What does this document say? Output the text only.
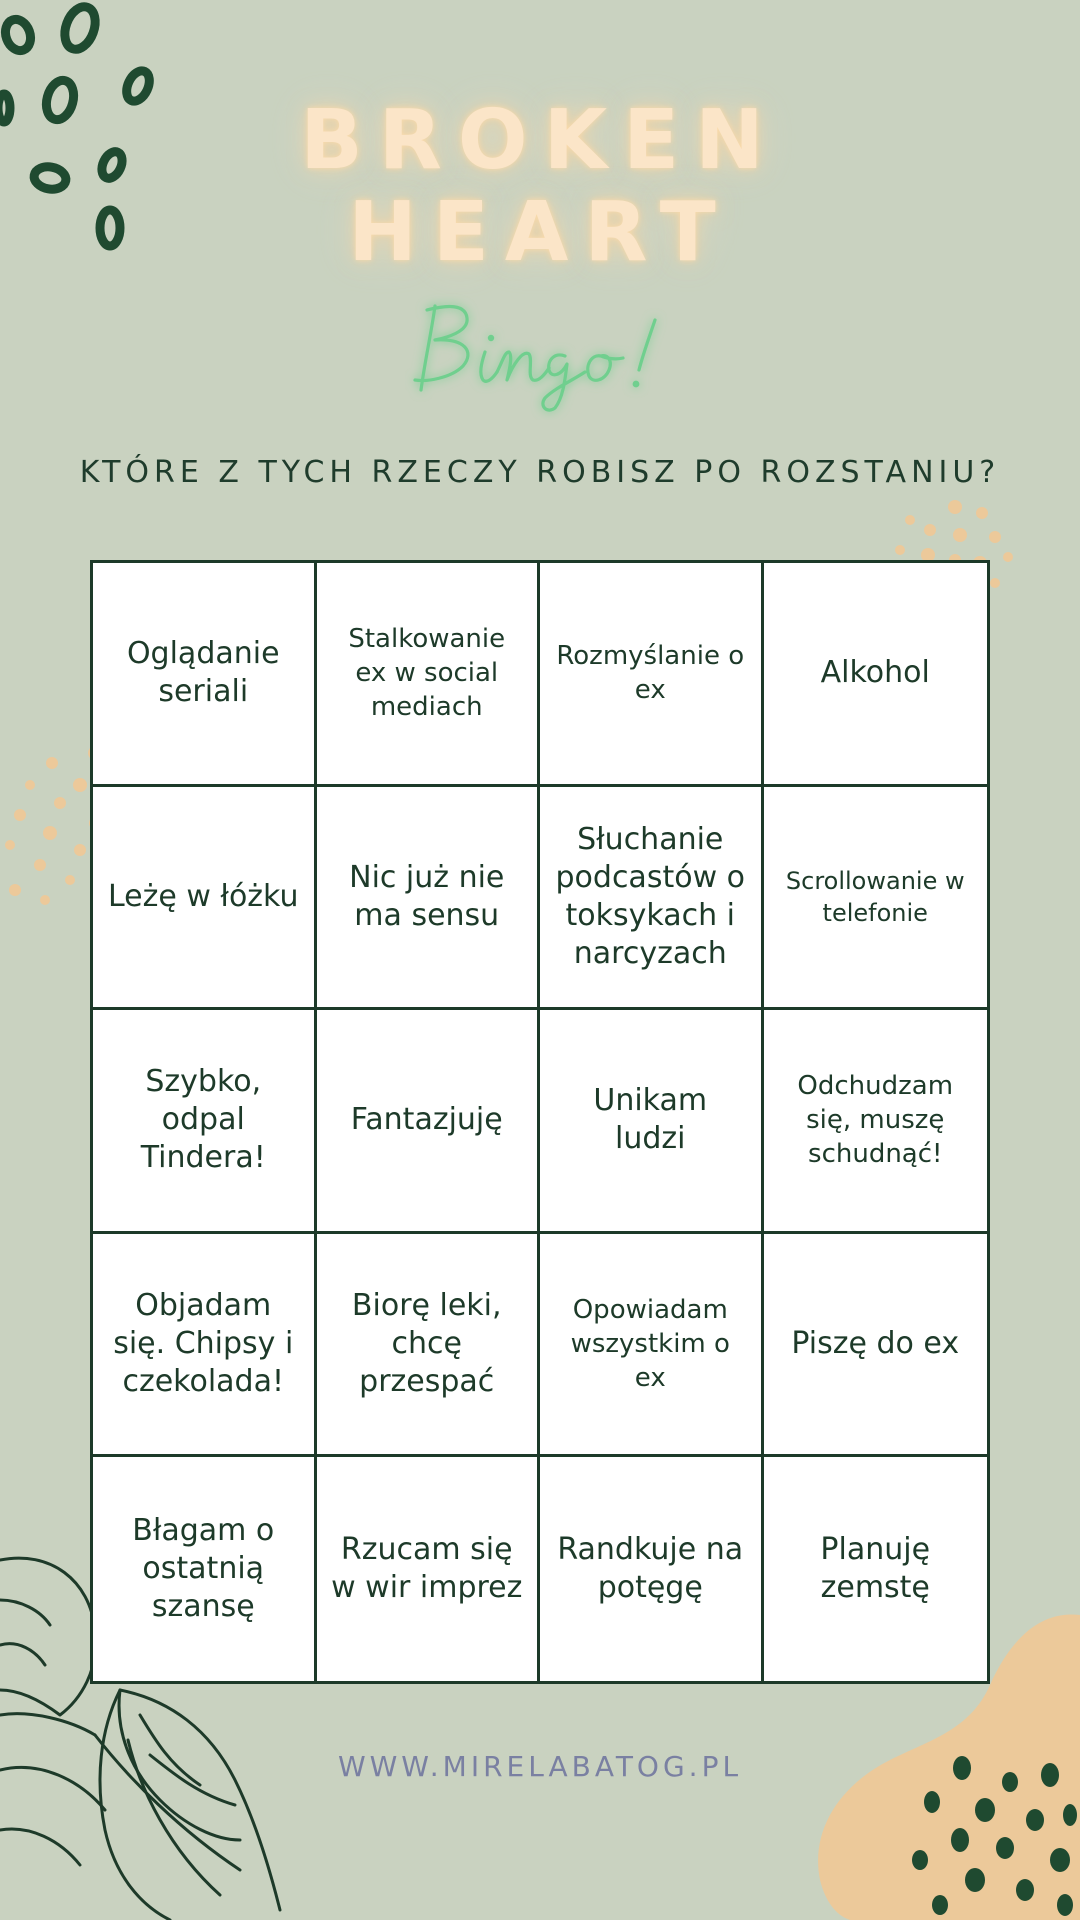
BROKEN
HEART
KTÓRE Z TYCH RZECZY ROBISZ PO ROZSTANIU?
Oglądanie seriali
Stalkowanie ex w social mediach
Rozmyślanie o ex	Alkohol
Leżę w łóżku
Nic już nie ma sensu
Słuchanie podcastów o toksykach i narcyzach
Scrollowanie w telefonie
Szybko, odpal Tindera!
Fantazjuję
Unikam ludzi
Odchudzam się, muszę schudnąć!
Objadam się. Chipsy i czekolada!
Biorę leki, chcę przespać
Opowiadam wszystkim o ex
Piszę do ex
Błagam o ostatnią szansę
Rzucam się w wir imprez
Randkuje na potęgę
Planuję zemstę
WWW.MIRELABATOG.PL
